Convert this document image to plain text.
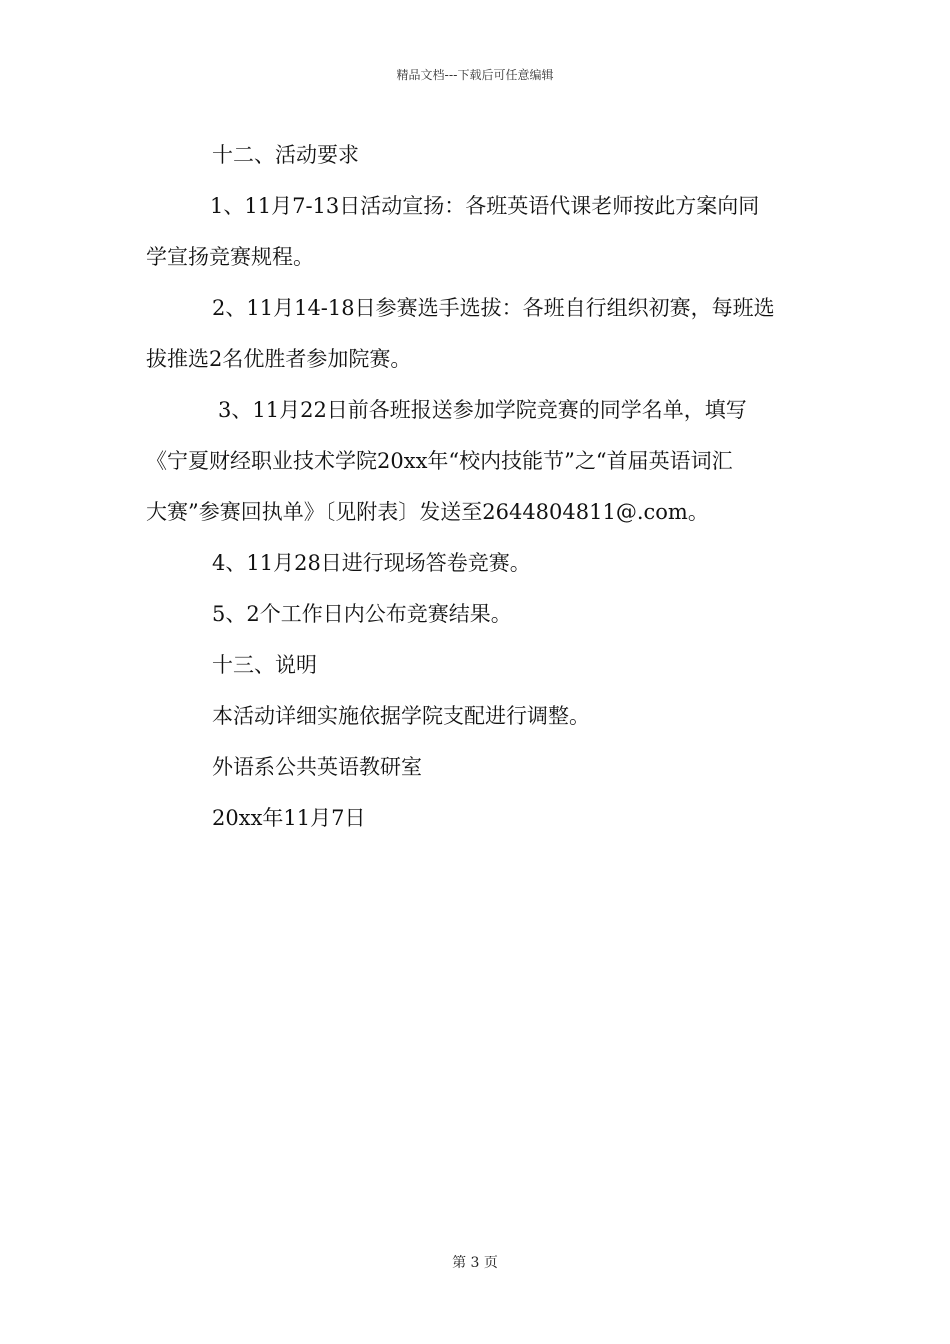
精品文档---下载后可任意编辑

十二、活动要求

1、11月7-13日活动宣扬：各班英语代课老师按此方案向同

学宣扬竞赛规程。

2、11月14-18日参赛选手选拔：各班自行组织初赛，每班选

拔推选2名优胜者参加院赛。

3、11月22日前各班报送参加学院竞赛的同学名单，填写

《宁夏财经职业技术学院20xx年“校内技能节”之“首届英语词汇

大赛”参赛回执单》〔见附表〕发送至2644804811@.com。

4、11月28日进行现场答卷竞赛。

5、2个工作日内公布竞赛结果。

十三、说明

本活动详细实施依据学院支配进行调整。

外语系公共英语教研室

20xx年11月7日

第 3 页
